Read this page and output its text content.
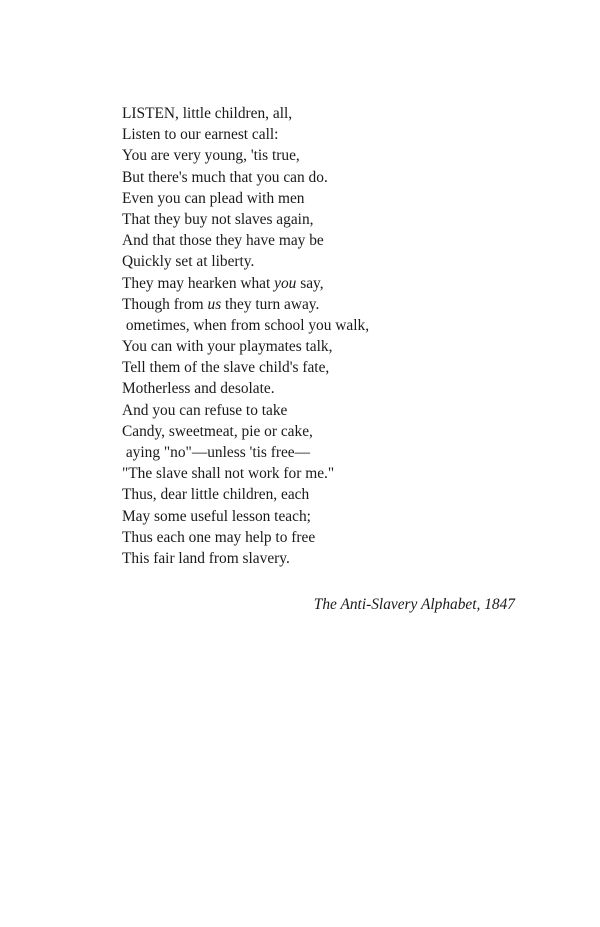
LISTEN, little children, all,
Listen to our earnest call:
You are very young, 'tis true,
But there's much that you can do.
Even you can plead with men
That they buy not slaves again,
And that those they have may be
Quickly set at liberty.
They may hearken what you say,
Though from us they turn away.
ometimes, when from school you walk,
You can with your playmates talk,
Tell them of the slave child's fate,
Motherless and desolate.
And you can refuse to take
Candy, sweetmeat, pie or cake,
aying "no"—unless 'tis free—
"The slave shall not work for me."
Thus, dear little children, each
May some useful lesson teach;
Thus each one may help to free
This fair land from slavery.
The Anti-Slavery Alphabet, 1847
